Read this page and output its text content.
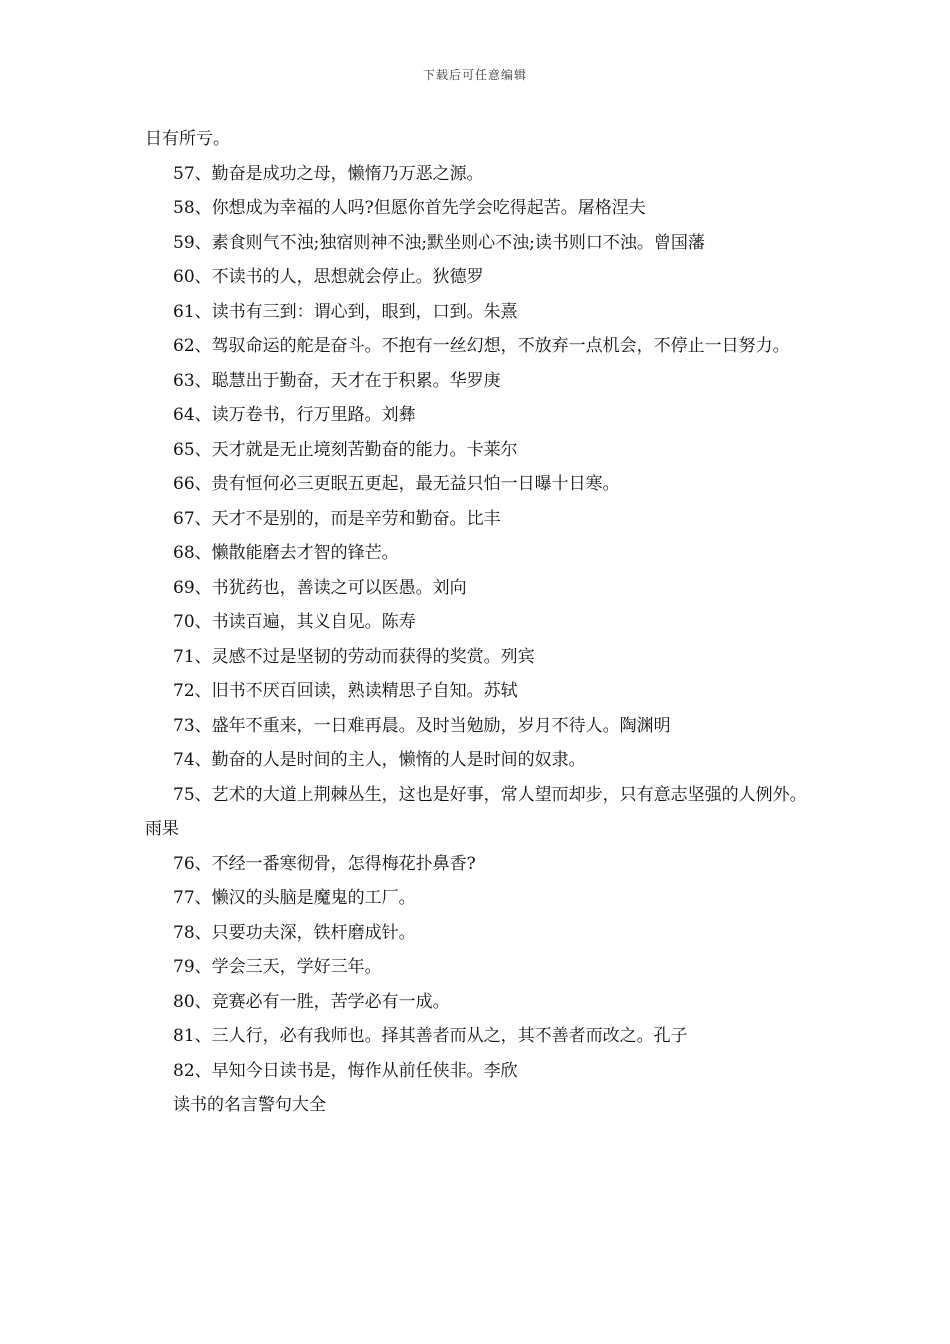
下载后可任意编辑

日有所亏。

57、勤奋是成功之母，懒惰乃万恶之源。

58、你想成为幸福的人吗?但愿你首先学会吃得起苦。屠格涅夫

59、素食则气不浊;独宿则神不浊;默坐则心不浊;读书则口不浊。曾国藩

60、不读书的人，思想就会停止。狄德罗

61、读书有三到：谓心到，眼到，口到。朱熹

62、驾驭命运的舵是奋斗。不抱有一丝幻想，不放弃一点机会，不停止一日努力。

63、聪慧出于勤奋，天才在于积累。华罗庚

64、读万卷书，行万里路。刘彝

65、天才就是无止境刻苦勤奋的能力。卡莱尔

66、贵有恒何必三更眠五更起，最无益只怕一日曝十日寒。

67、天才不是别的，而是辛劳和勤奋。比丰

68、懒散能磨去才智的锋芒。

69、书犹药也，善读之可以医愚。刘向

70、书读百遍，其义自见。陈寿

71、灵感不过是坚韧的劳动而获得的奖赏。列宾

72、旧书不厌百回读，熟读精思子自知。苏轼

73、盛年不重来，一日难再晨。及时当勉励，岁月不待人。陶渊明

74、勤奋的人是时间的主人，懒惰的人是时间的奴隶。

75、艺术的大道上荆棘丛生，这也是好事，常人望而却步，只有意志坚强的人例外。雨果

76、不经一番寒彻骨，怎得梅花扑鼻香?

77、懒汉的头脑是魔鬼的工厂。

78、只要功夫深，铁杆磨成针。

79、学会三天，学好三年。

80、竞赛必有一胜，苦学必有一成。

81、三人行，必有我师也。择其善者而从之，其不善者而改之。孔子

82、早知今日读书是，悔作从前任侠非。李欣

读书的名言警句大全
